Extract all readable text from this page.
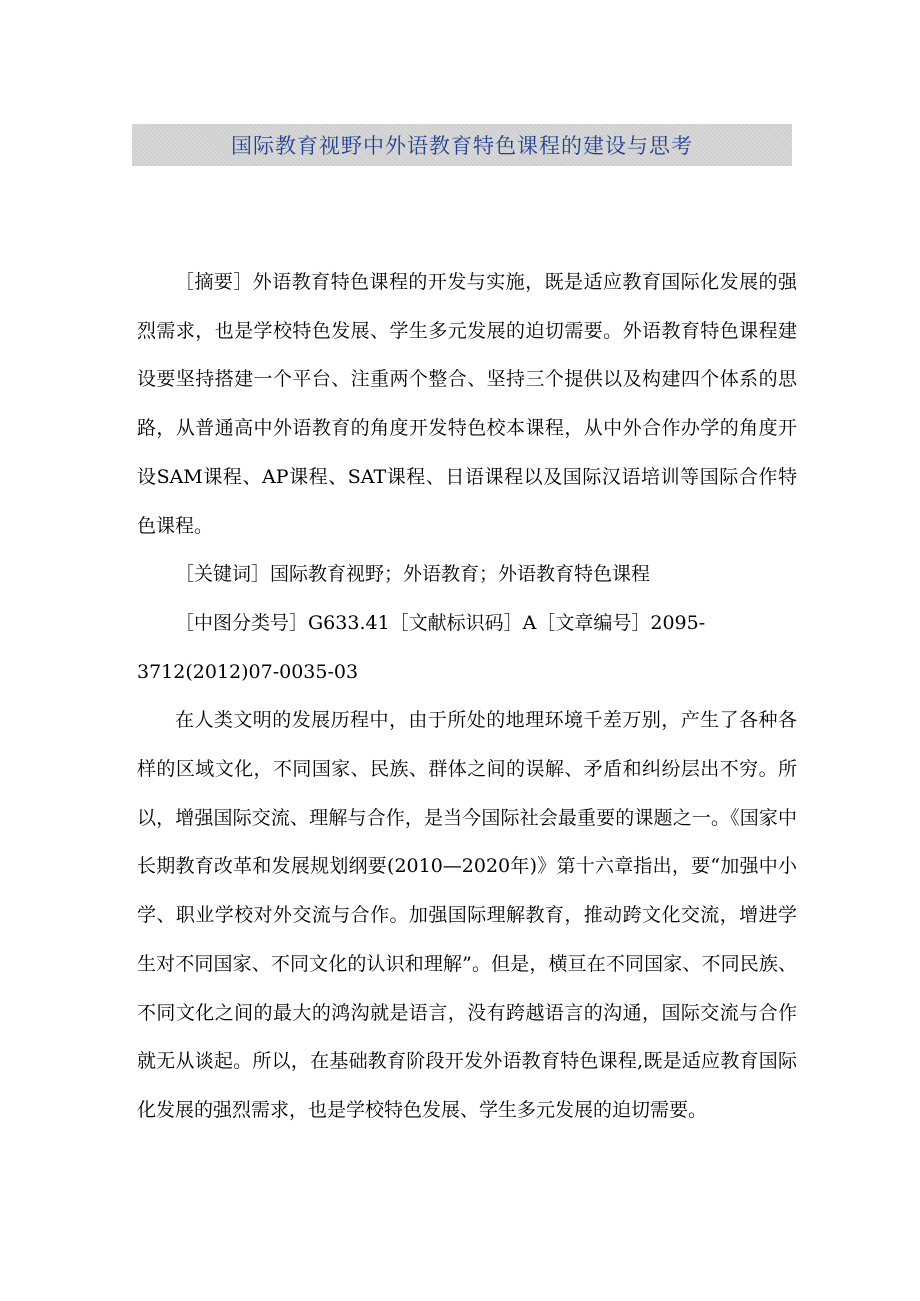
国际教育视野中外语教育特色课程的建设与思考

［摘要］外语教育特色课程的开发与实施，既是适应教育国际化发展的强烈需求，也是学校特色发展、学生多元发展的迫切需要。外语教育特色课程建设要坚持搭建一个平台、注重两个整合、坚持三个提供以及构建四个体系的思路，从普通高中外语教育的角度开发特色校本课程，从中外合作办学的角度开设SAM课程、AP课程、SAT课程、日语课程以及国际汉语培训等国际合作特色课程。

［关键词］国际教育视野；外语教育；外语教育特色课程

［中图分类号］G633.41［文献标识码］A［文章编号］2095-
3712(2012)07-0035-03

在人类文明的发展历程中，由于所处的地理环境千差万别，产生了各种各样的区域文化，不同国家、民族、群体之间的误解、矛盾和纠纷层出不穷。所以，增强国际交流、理解与合作，是当今国际社会最重要的课题之一。《国家中长期教育改革和发展规划纲要(2010—2020年)》第十六章指出，要“加强中小学、职业学校对外交流与合作。加强国际理解教育，推动跨文化交流，增进学生对不同国家、不同文化的认识和理解”。但是，横亘在不同国家、不同民族、不同文化之间的最大的鸿沟就是语言，没有跨越语言的沟通，国际交流与合作就无从谈起。所以，在基础教育阶段开发外语教育特色课程,既是适应教育国际化发展的强烈需求，也是学校特色发展、学生多元发展的迫切需要。
